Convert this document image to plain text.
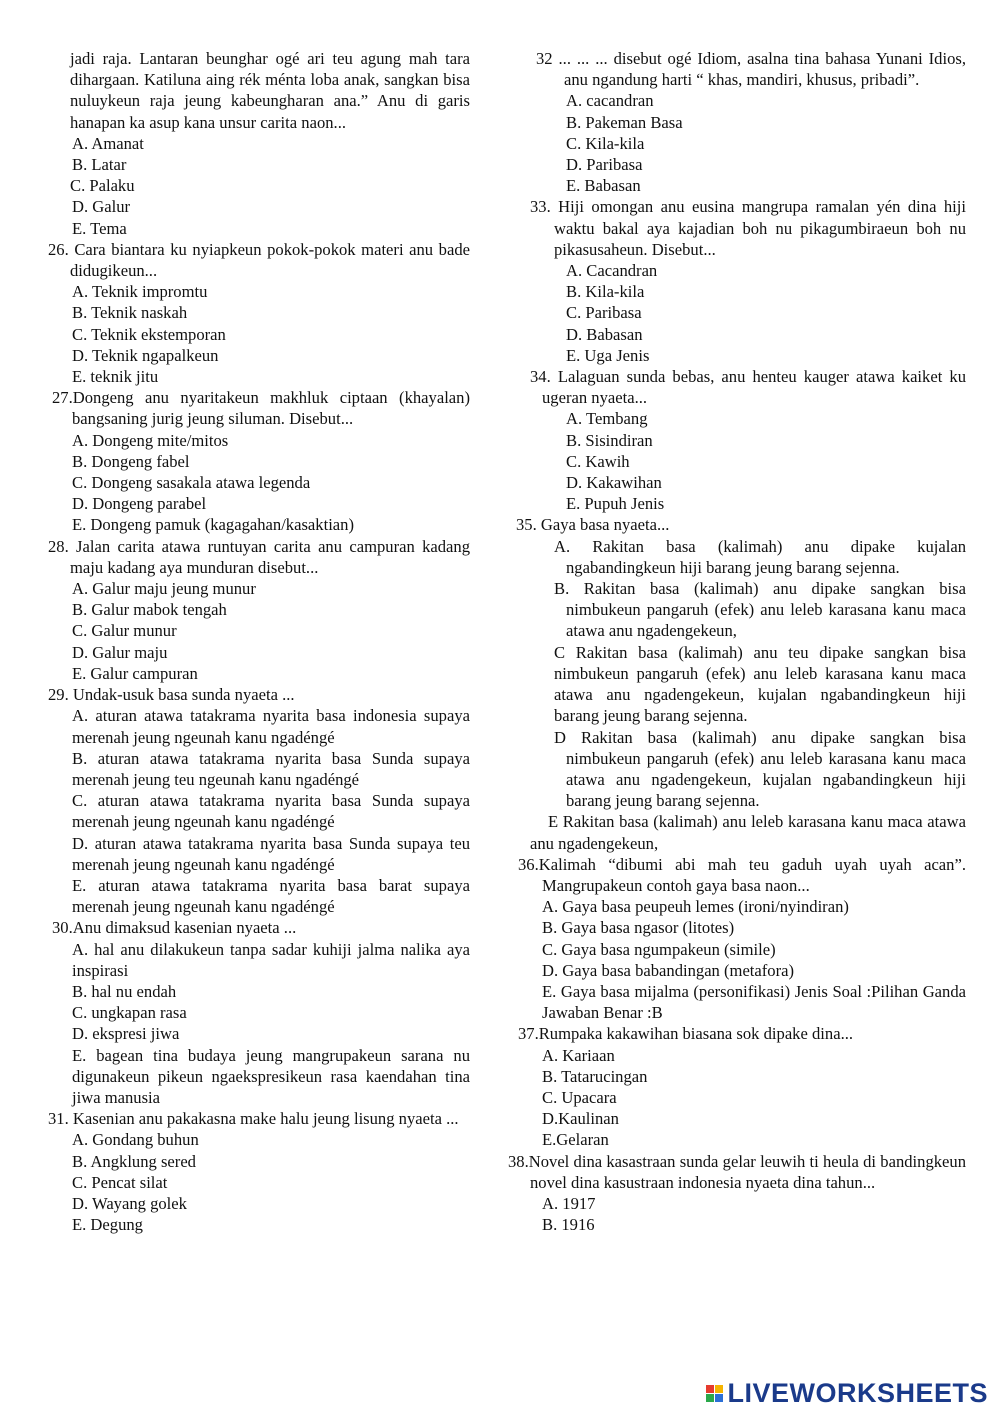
jadi raja. Lantaran beunghar ogé ari teu agung mah tara dihargaan. Katiluna aing rék ménta loba anak, sangkan bisa nuluykeun raja jeung kabeungharan ana.” Anu di garis hanapan ka asup kana unsur carita naon...
A. Amanat
B. Latar
C. Palaku
D. Galur
E. Tema
26. Cara biantara ku nyiapkeun pokok-pokok materi anu bade didugikeun...
A. Teknik impromtu
B. Teknik naskah
C. Teknik ekstemporan
D. Teknik ngapalkeun
E. teknik jitu
27.Dongeng anu nyaritakeun makhluk ciptaan (khayalan) bangsaning jurig jeung siluman. Disebut...
A. Dongeng mite/mitos
B. Dongeng fabel
C. Dongeng sasakala atawa legenda
D. Dongeng parabel
E. Dongeng pamuk (kagagahan/kasaktian)
28. Jalan carita atawa runtuyan carita anu campuran kadang maju kadang aya munduran disebut...
A. Galur maju jeung munur
B. Galur mabok tengah
C. Galur munur
D. Galur maju
E. Galur campuran
29. Undak-usuk basa sunda nyaeta ...
A. aturan atawa tatakrama nyarita basa indonesia supaya merenah jeung ngeunah kanu ngadéngé
B. aturan atawa tatakrama nyarita basa Sunda supaya merenah jeung teu ngeunah kanu ngadéngé
C. aturan atawa tatakrama nyarita basa Sunda supaya merenah jeung ngeunah kanu ngadéngé
D. aturan atawa tatakrama nyarita basa Sunda supaya teu merenah jeung ngeunah kanu ngadéngé
E. aturan atawa tatakrama nyarita basa barat supaya merenah jeung ngeunah kanu ngadéngé
30.Anu dimaksud kasenian nyaeta ...
A. hal anu dilakukeun tanpa sadar kuhiji jalma nalika aya inspirasi
B. hal nu endah
C. ungkapan rasa
D. ekspresi jiwa
E. bagean tina budaya jeung mangrupakeun sarana nu digunakeun pikeun ngaekspresikeun rasa kaendahan tina jiwa manusia
31. Kasenian anu pakakasna make halu jeung lisung nyaeta ...
A. Gondang buhun
B. Angklung sered
C. Pencat silat
D. Wayang golek
E. Degung
32 ... ... ... disebut ogé Idiom, asalna tina bahasa Yunani Idios, anu ngandung harti “ khas, mandiri, khusus, pribadi”.
A. cacandran
B. Pakeman Basa
C. Kila-kila
D. Paribasa
E. Babasan
33. Hiji omongan anu eusina mangrupa ramalan yén dina hiji waktu bakal aya kajadian boh nu pikagumbiraeun boh nu pikasusaheun. Disebut...
A. Cacandran
B. Kila-kila
C. Paribasa
D. Babasan
E. Uga Jenis
34. Lalaguan sunda bebas, anu henteu kauger atawa kaiket ku ugeran nyaeta...
A. Tembang
B. Sisindiran
C. Kawih
D. Kakawihan
E. Pupuh Jenis
35. Gaya basa nyaeta...
A. Rakitan basa (kalimah) anu dipake kujalan ngabandingkeun hiji barang jeung barang sejenna.
B. Rakitan basa (kalimah) anu dipake sangkan bisa nimbukeun pangaruh (efek) anu leleb karasana kanu maca atawa anu ngadengekeun,
C Rakitan basa (kalimah) anu teu dipake sangkan bisa nimbukeun pangaruh (efek) anu leleb karasana kanu maca atawa anu ngadengekeun, kujalan ngabandingkeun hiji barang jeung barang sejenna.
D Rakitan basa (kalimah) anu dipake sangkan bisa nimbukeun pangaruh (efek) anu leleb karasana kanu maca atawa anu ngadengekeun, kujalan ngabandingkeun hiji barang jeung barang sejenna.
E Rakitan basa (kalimah) anu leleb karasana kanu maca atawa anu ngadengekeun,
36.Kalimah “dibumi abi mah teu gaduh uyah uyah acan”. Mangrupakeun contoh gaya basa naon...
A. Gaya basa peupeuh lemes (ironi/nyindiran)
B. Gaya basa ngasor (litotes)
C. Gaya basa ngumpakeun (simile)
D. Gaya basa babandingan (metafora)
E. Gaya basa mijalma (personifikasi) Jenis Soal :Pilihan Ganda Jawaban Benar :B
37.Rumpaka kakawihan biasana sok dipake dina...
A. Kariaan
B. Tatarucingan
C. Upacara
D.Kaulinan
E.Gelaran
38.Novel dina kasastraan sunda gelar leuwih ti heula di bandingkeun novel dina kasustraan indonesia nyaeta dina tahun...
A. 1917
B. 1916
LIVEWORKSHEETS
